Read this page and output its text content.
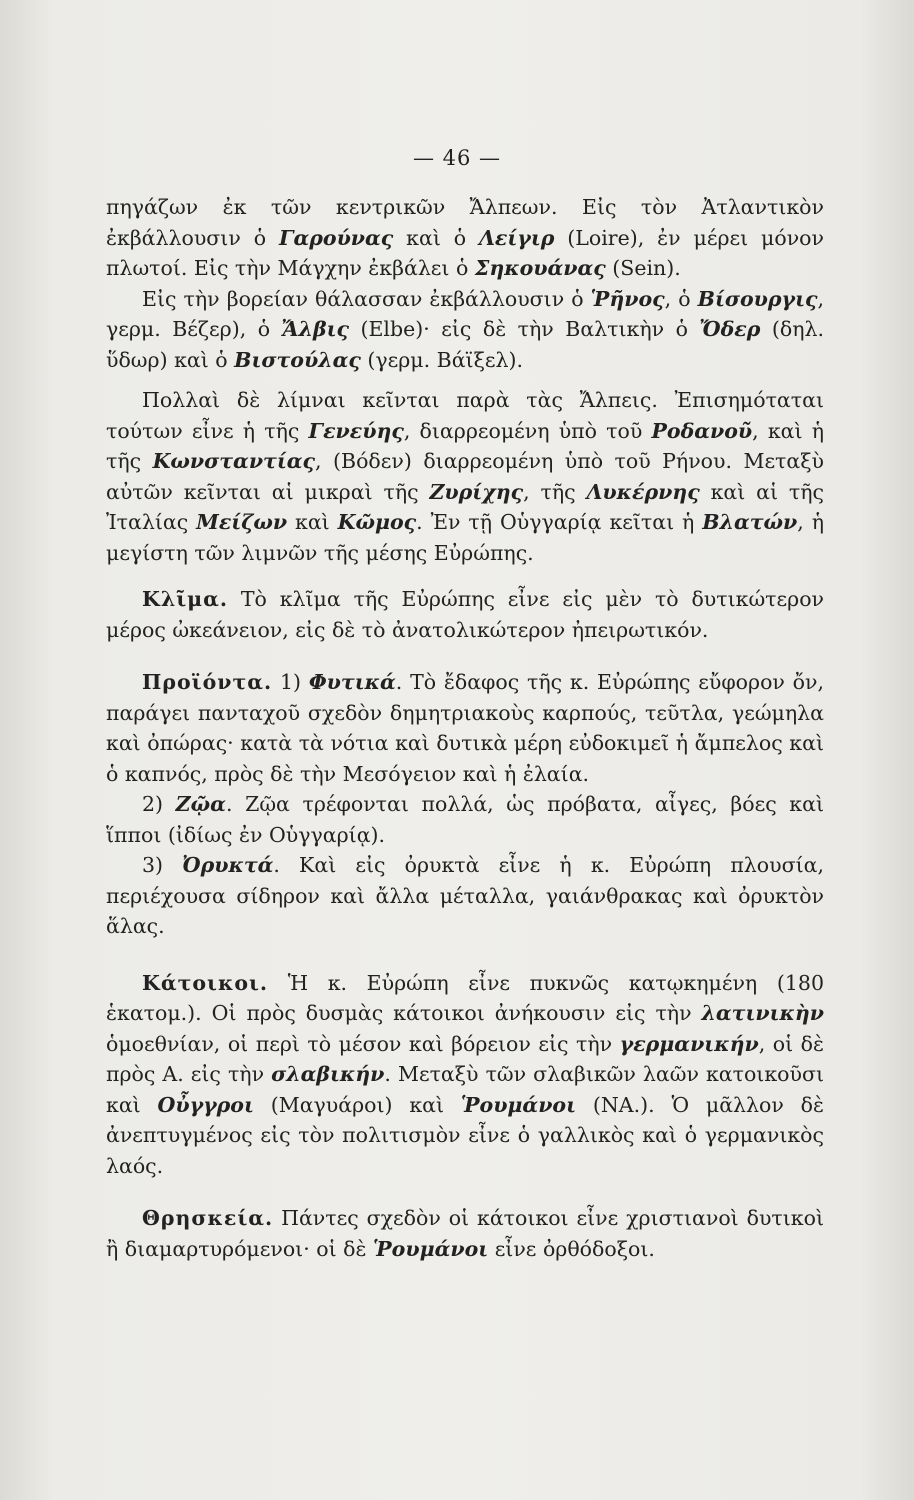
— 46 —

πηγάζων ἐκ τῶν κεντρικῶν Ἄλπεων. Εἰς τὸν Ἀτλαντικὸν ἐκβάλλουσιν ὁ Γαρούνας καὶ ὁ Λείγιρ (Loire), ἐν μέρει μόνον πλωτοί. Εἰς τὴν Μάγχην ἐκβάλει ὁ Σηκουάνας (Sein).

Εἰς τὴν βορείαν θάλασσαν ἐκβάλλουσιν ὁ Ῥῆνος, ὁ Βίσουργις, γερμ. Βέζερ), ὁ Ἄλβις (Elbe)· εἰς δὲ τὴν Βαλτικὴν ὁ Ὄδερ (δηλ. ὕδωρ) καὶ ὁ Βιστούλας (γερμ. Βάϊξελ).

Πολλαὶ δὲ λίμναι κεῖνται παρὰ τὰς Ἄλπεις. Ἐπισημόταται τούτων εἶνε ἡ τῆς Γενεύης, διαρρεομένη ὑπὸ τοῦ Ροδανοῦ, καὶ ἡ τῆς Κωνσταντίας, (Βόδεν) διαρρεομένη ὑπὸ τοῦ Ρήνου. Μεταξὺ αὐτῶν κεῖνται αἱ μικραὶ τῆς Ζυρίχης, τῆς Λυκέρνης καὶ αἱ τῆς Ἰταλίας Μείζων καὶ Κῶμος. Ἐν τῇ Οὑγγαρίᾳ κεῖται ἡ Βλατών, ἡ μεγίστη τῶν λιμνῶν τῆς μέσης Εὐρώπης.

Κλῖμα. Τὸ κλῖμα τῆς Εὐρώπης εἶνε εἰς μὲν τὸ δυτικώτερον μέρος ὠκεάνειον, εἰς δὲ τὸ ἀνατολικώτερον ἠπειρωτικόν.

Προϊόντα. 1) Φυτικά. Τὸ ἔδαφος τῆς κ. Εὐρώπης εὔφορον ὄν, παράγει πανταχοῦ σχεδὸν δημητριακοὺς καρπούς, τεῦτλα, γεώμηλα καὶ ὀπώρας· κατὰ τὰ νότια καὶ δυτικὰ μέρη εὐδοκιμεῖ ἡ ἄμπελος καὶ ὁ καπνός, πρὸς δὲ τὴν Μεσόγειον καὶ ἡ ἐλαία.

2) Ζῷα. Ζῷα τρέφονται πολλά, ὡς πρόβατα, αἶγες, βόες καὶ ἵπποι (ἰδίως ἐν Οὑγγαρίᾳ).

3) Ὀρυκτά. Καὶ εἰς ὀρυκτὰ εἶνε ἡ κ. Εὐρώπη πλουσία, περιέχουσα σίδηρον καὶ ἄλλα μέταλλα, γαιάνθρακας καὶ ὀρυκτὸν ἅλας.

Κάτοικοι. Ἡ κ. Εὐρώπη εἶνε πυκνῶς κατῳκημένη (180 ἑκατομ.). Οἱ πρὸς δυσμὰς κάτοικοι ἀνήκουσιν εἰς τὴν λατινικὴν ὁμοεθνίαν, οἱ περὶ τὸ μέσον καὶ βόρειον εἰς τὴν γερμανικήν, οἱ δὲ πρὸς Α. εἰς τὴν σλαβικήν. Μεταξὺ τῶν σλαβικῶν λαῶν κατοικοῦσι καὶ Οὖγγροι (Μαγυάροι) καὶ Ῥουμάνοι (ΝΑ.). Ὁ μᾶλλον δὲ ἀνεπτυγμένος εἰς τὸν πολιτισμὸν εἶνε ὁ γαλλικὸς καὶ ὁ γερμανικὸς λαός.

Θρησκεία. Πάντες σχεδὸν οἱ κάτοικοι εἶνε χριστιανοὶ δυτικοὶ ἢ διαμαρτυρόμενοι· οἱ δὲ Ῥουμάνοι εἶνε ὀρθόδοξοι.
